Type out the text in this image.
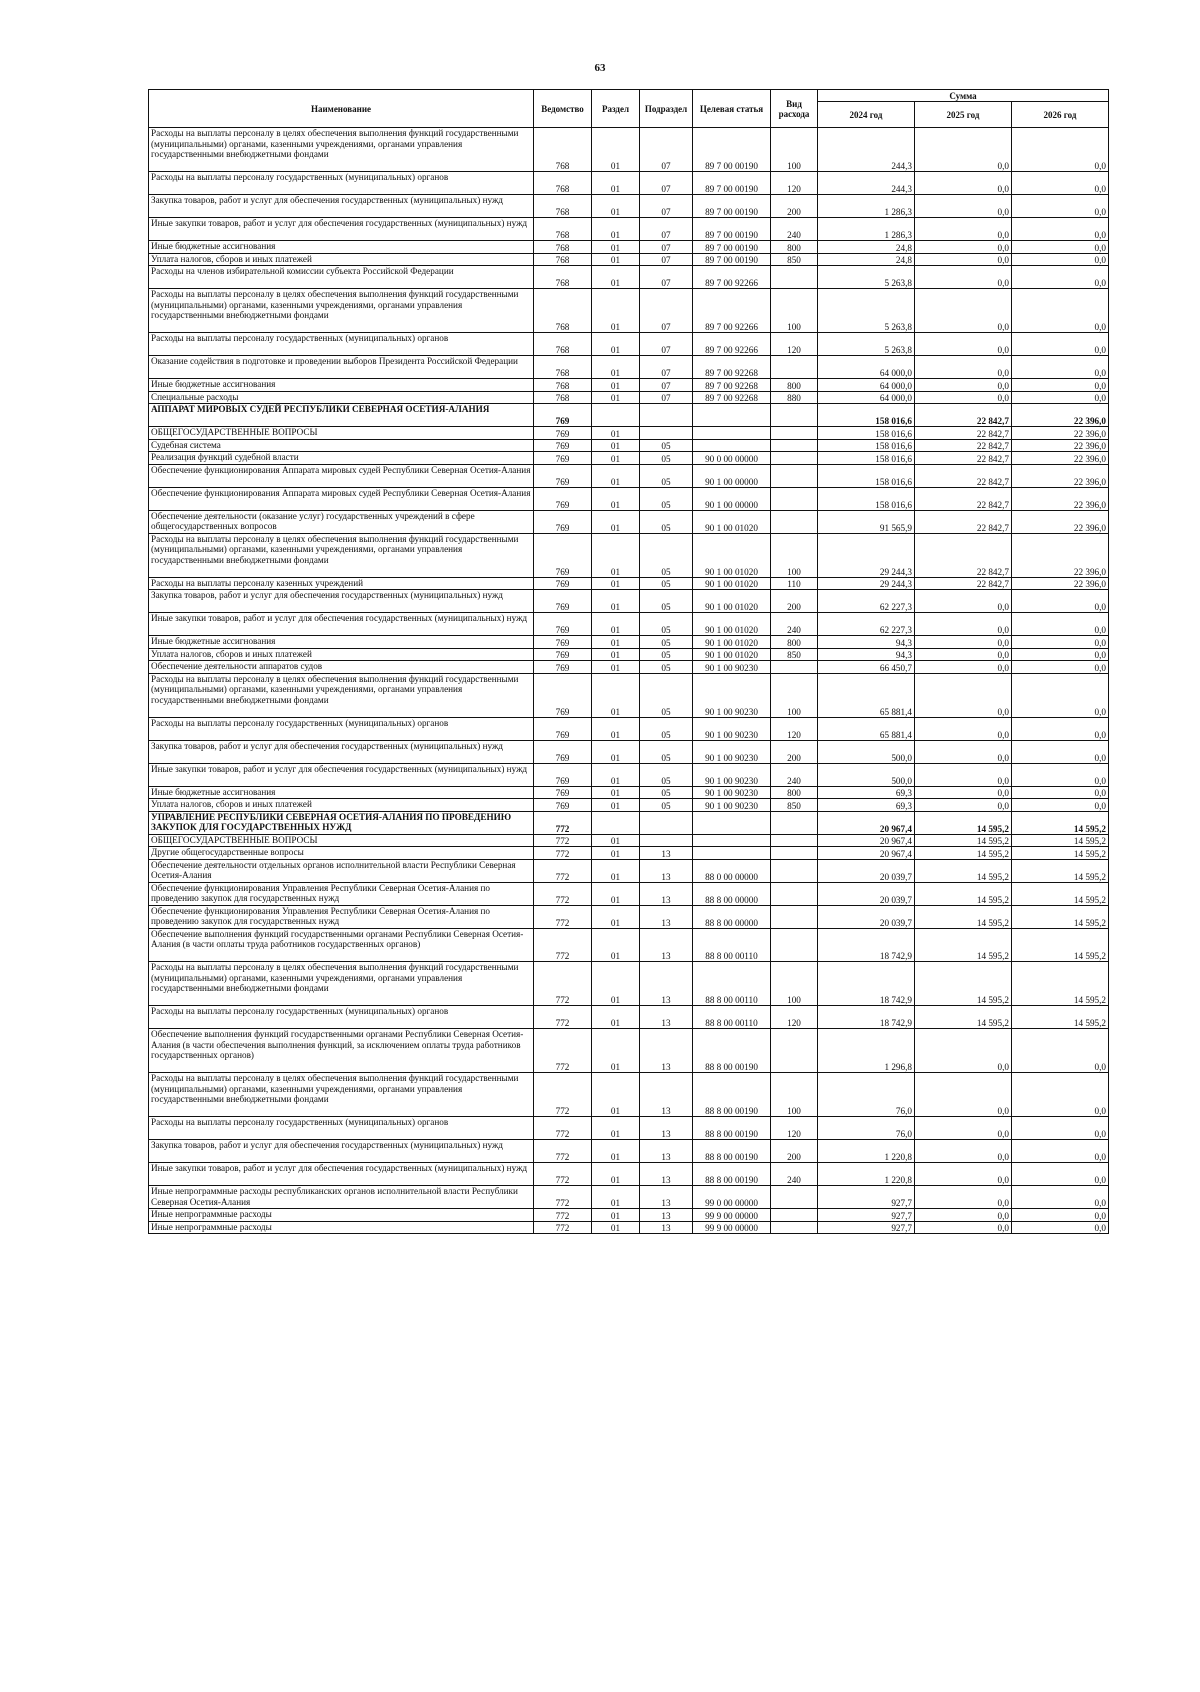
63
Наименование	Ведомство	Раздел	Подраздел	Целевая статья	Вид расхода	Сумма		
						2024 год	2025 год	2026 год
Расходы на выплаты персоналу в целях обеспечения выполнения функций государственными (муниципальными) органами, казенными учреждениями, органами управления государственными внебюджетными фондами	768	01	07	89 7 00 00190	100	244,3	0,0	0,0
Расходы на выплаты персоналу государственных (муниципальных) органов	768	01	07	89 7 00 00190	120	244,3	0,0	0,0
Закупка товаров, работ и услуг для обеспечения государственных (муниципальных) нужд	768	01	07	89 7 00 00190	200	1 286,3	0,0	0,0
Иные закупки товаров, работ и услуг для обеспечения государственных (муниципальных) нужд	768	01	07	89 7 00 00190	240	1 286,3	0,0	0,0
Иные бюджетные ассигнования	768	01	07	89 7 00 00190	800	24,8	0,0	0,0
Уплата налогов, сборов и иных платежей	768	01	07	89 7 00 00190	850	24,8	0,0	0,0
Расходы на членов избирательной комиссии субъекта Российской Федерации	768	01	07	89 7 00 92266		5 263,8	0,0	0,0
Расходы на выплаты персоналу в целях обеспечения выполнения функций государственными (муниципальными) органами, казенными учреждениями, органами управления государственными внебюджетными фондами	768	01	07	89 7 00 92266	100	5 263,8	0,0	0,0
Расходы на выплаты персоналу государственных (муниципальных) органов	768	01	07	89 7 00 92266	120	5 263,8	0,0	0,0
Оказание содействия в подготовке и проведении выборов Президента Российской Федерации	768	01	07	89 7 00 92268		64 000,0	0,0	0,0
Иные бюджетные ассигнования	768	01	07	89 7 00 92268	800	64 000,0	0,0	0,0
Специальные расходы	768	01	07	89 7 00 92268	880	64 000,0	0,0	0,0
АППАРАТ МИРОВЫХ СУДЕЙ РЕСПУБЛИКИ СЕВЕРНАЯ ОСЕТИЯ-АЛАНИЯ	769					158 016,6	22 842,7	22 396,0
ОБЩЕГОСУДАРСТВЕННЫЕ ВОПРОСЫ	769	01				158 016,6	22 842,7	22 396,0
Судебная система	769	01	05			158 016,6	22 842,7	22 396,0
Реализация функций судебной власти	769	01	05	90 0 00 00000		158 016,6	22 842,7	22 396,0
Обеспечение функционирования Аппарата мировых судей Республики Северная Осетия-Алания	769	01	05	90 1 00 00000		158 016,6	22 842,7	22 396,0
Обеспечение функционирования Аппарата мировых судей Республики Северная Осетия-Алания	769	01	05	90 1 00 00000		158 016,6	22 842,7	22 396,0
Обеспечение деятельности (оказание услуг) государственных учреждений в сфере общегосударственных вопросов	769	01	05	90 1 00 01020		91 565,9	22 842,7	22 396,0
Расходы на выплаты персоналу в целях обеспечения выполнения функций государственными (муниципальными) органами, казенными учреждениями, органами управления государственными внебюджетными фондами	769	01	05	90 1 00 01020	100	29 244,3	22 842,7	22 396,0
Расходы на выплаты персоналу казенных учреждений	769	01	05	90 1 00 01020	110	29 244,3	22 842,7	22 396,0
Закупка товаров, работ и услуг для обеспечения государственных (муниципальных) нужд	769	01	05	90 1 00 01020	200	62 227,3	0,0	0,0
Иные закупки товаров, работ и услуг для обеспечения государственных (муниципальных) нужд	769	01	05	90 1 00 01020	240	62 227,3	0,0	0,0
Иные бюджетные ассигнования	769	01	05	90 1 00 01020	800	94,3	0,0	0,0
Уплата налогов, сборов и иных платежей	769	01	05	90 1 00 01020	850	94,3	0,0	0,0
Обеспечение деятельности аппаратов судов	769	01	05	90 1 00 90230		66 450,7	0,0	0,0
Расходы на выплаты персоналу в целях обеспечения выполнения функций государственными (муниципальными) органами, казенными учреждениями, органами управления государственными внебюджетными фондами	769	01	05	90 1 00 90230	100	65 881,4	0,0	0,0
Расходы на выплаты персоналу государственных (муниципальных) органов	769	01	05	90 1 00 90230	120	65 881,4	0,0	0,0
Закупка товаров, работ и услуг для обеспечения государственных (муниципальных) нужд	769	01	05	90 1 00 90230	200	500,0	0,0	0,0
Иные закупки товаров, работ и услуг для обеспечения государственных (муниципальных) нужд	769	01	05	90 1 00 90230	240	500,0	0,0	0,0
Иные бюджетные ассигнования	769	01	05	90 1 00 90230	800	69,3	0,0	0,0
Уплата налогов, сборов и иных платежей	769	01	05	90 1 00 90230	850	69,3	0,0	0,0
УПРАВЛЕНИЕ РЕСПУБЛИКИ СЕВЕРНАЯ ОСЕТИЯ-АЛАНИЯ ПО ПРОВЕДЕНИЮ ЗАКУПОК ДЛЯ ГОСУДАРСТВЕННЫХ НУЖД	772					20 967,4	14 595,2	14 595,2
ОБЩЕГОСУДАРСТВЕННЫЕ ВОПРОСЫ	772	01				20 967,4	14 595,2	14 595,2
Другие общегосударственные вопросы	772	01	13			20 967,4	14 595,2	14 595,2
Обеспечение деятельности отдельных органов исполнительной власти Республики Северная Осетия-Алания	772	01	13	88 0 00 00000		20 039,7	14 595,2	14 595,2
Обеспечение функционирования Управления Республики Северная Осетия-Алания по проведению закупок для государственных нужд	772	01	13	88 8 00 00000		20 039,7	14 595,2	14 595,2
Обеспечение функционирования Управления Республики Северная Осетия-Алания по проведению закупок для государственных нужд	772	01	13	88 8 00 00000		20 039,7	14 595,2	14 595,2
Обеспечение выполнения функций государственными органами Республики Северная Осетия-Алания (в части оплаты труда работников государственных органов)	772	01	13	88 8 00 00110		18 742,9	14 595,2	14 595,2
Расходы на выплаты персоналу в целях обеспечения выполнения функций государственными (муниципальными) органами, казенными учреждениями, органами управления государственными внебюджетными фондами	772	01	13	88 8 00 00110	100	18 742,9	14 595,2	14 595,2
Расходы на выплаты персоналу государственных (муниципальных) органов	772	01	13	88 8 00 00110	120	18 742,9	14 595,2	14 595,2
Обеспечение выполнения функций государственными органами Республики Северная Осетия-Алания (в части обеспечения выполнения функций, за исключением оплаты труда работников государственных органов)	772	01	13	88 8 00 00190		1 296,8	0,0	0,0
Расходы на выплаты персоналу в целях обеспечения выполнения функций государственными (муниципальными) органами, казенными учреждениями, органами управления государственными внебюджетными фондами	772	01	13	88 8 00 00190	100	76,0	0,0	0,0
Расходы на выплаты персоналу государственных (муниципальных) органов	772	01	13	88 8 00 00190	120	76,0	0,0	0,0
Закупка товаров, работ и услуг для обеспечения государственных (муниципальных) нужд	772	01	13	88 8 00 00190	200	1 220,8	0,0	0,0
Иные закупки товаров, работ и услуг для обеспечения государственных (муниципальных) нужд	772	01	13	88 8 00 00190	240	1 220,8	0,0	0,0
Иные непрограммные расходы республиканских органов исполнительной власти Республики Северная Осетия-Алания	772	01	13	99 0 00 00000		927,7	0,0	0,0
Иные непрограммные расходы	772	01	13	99 9 00 00000		927,7	0,0	0,0
Иные непрограммные расходы	772	01	13	99 9 00 00000		927,7	0,0	0,0
